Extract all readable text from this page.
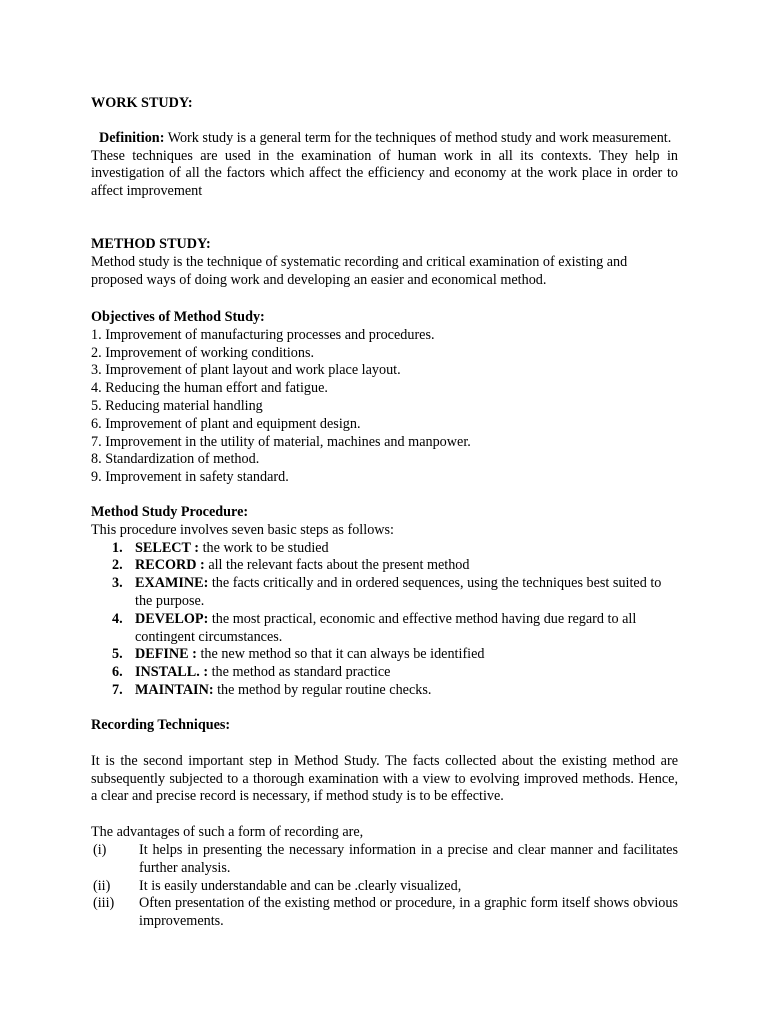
WORK STUDY:
Definition: Work study is a general term for the techniques of method study and work measurement.
These techniques are used in the examination of human work in all its contexts. They help in investigation of all the factors which affect the efficiency and economy at the work place in order to affect improvement
METHOD STUDY:
Method study is the technique of systematic recording and critical examination of existing and proposed ways of doing work and developing an easier and economical method.
Objectives of Method Study:
1. Improvement of manufacturing processes and procedures.
2. Improvement of working conditions.
3. Improvement of plant layout and work place layout.
4. Reducing the human effort and fatigue.
5. Reducing material handling
6. Improvement of plant and equipment design.
7. Improvement in the utility of material, machines and manpower.
8. Standardization of method.
9. Improvement in safety standard.
Method Study Procedure:
This procedure involves seven basic steps as follows:
1. SELECT : the work to be studied
2. RECORD : all the relevant facts about the present method
3. EXAMINE: the facts critically and in ordered sequences, using the techniques best suited to the purpose.
4. DEVELOP: the most practical, economic and effective method having due regard to all contingent circumstances.
5. DEFINE : the new method so that it can always be identified
6. INSTALL. : the method as standard practice
7. MAINTAIN: the method by regular routine checks.
Recording Techniques:
It is the second important step in Method Study. The facts collected about the existing method are subsequently subjected to a thorough examination with a view to evolving improved methods. Hence, a clear and precise record is necessary, if method study is to be effective.
The advantages of such a form of recording are,
(i) It helps in presenting the necessary information in a precise and clear manner and facilitates further analysis.
(ii) It is easily understandable and can be .clearly visualized,
(iii) Often presentation of the existing method or procedure, in a graphic form itself shows obvious improvements.
